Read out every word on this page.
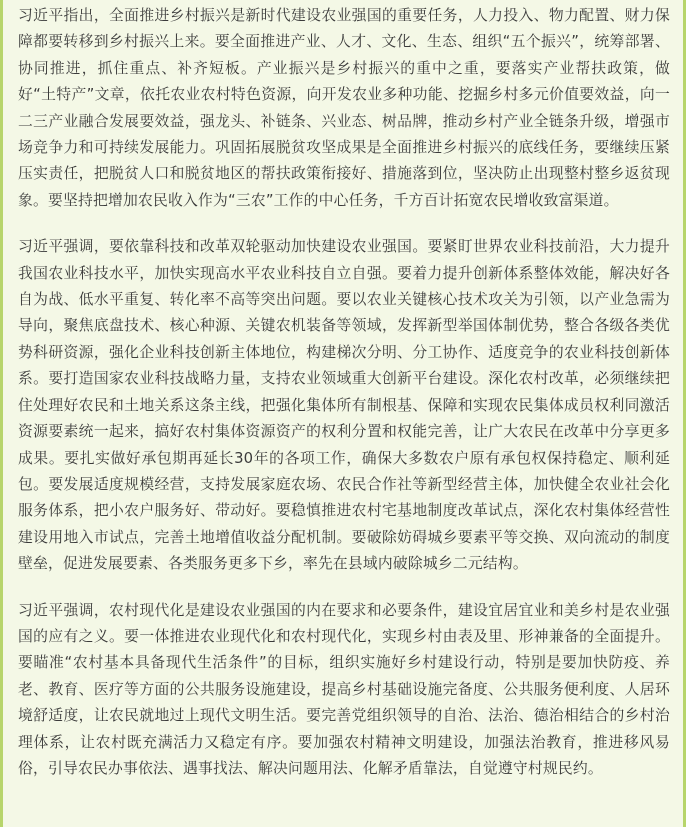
习近平指出，全面推进乡村振兴是新时代建设农业强国的重要任务，人力投入、物力配置、财力保障都要转移到乡村振兴上来。要全面推进产业、人才、文化、生态、组织“五个振兴”，统筹部署、协同推进，抓住重点、补齐短板。产业振兴是乡村振兴的重中之重，要落实产业帮扶政策，做好“土特产”文章，依托农业农村特色资源，向开发农业多种功能、挖掘乡村多元价值要效益，向一二三产业融合发展要效益，强龙头、补链条、兴业态、树品牌，推动乡村产业全链条升级，增强市场竞争力和可持续发展能力。巩固拓展脱贫攻坚成果是全面推进乡村振兴的底线任务，要继续压紧压实责任，把脱贫人口和脱贫地区的帮扶政策衔接好、措施落到位，坚决防止出现整村整乡返贫现象。要坚持把增加农民收入作为“三农”工作的中心任务，千方百计拓宽农民增收致富渠道。

习近平强调，要依靠科技和改革双轮驱动加快建设农业强国。要紧盯世界农业科技前沿，大力提升我国农业科技水平，加快实现高水平农业科技自立自强。要着力提升创新体系整体效能，解决好各自为战、低水平重复、转化率不高等突出问题。要以农业关键核心技术攻关为引领，以产业急需为导向，聚焦底盘技术、核心种源、关键农机装备等领域，发挥新型举国体制优势，整合各级各类优势科研资源，强化企业科技创新主体地位，构建梯次分明、分工协作、适度竞争的农业科技创新体系。要打造国家农业科技战略力量，支持农业领域重大创新平台建设。深化农村改革，必须继续把住处理好农民和土地关系这条主线，把强化集体所有制根基、保障和实现农民集体成员权利同激活资源要素统一起来，搞好农村集体资源资产的权利分置和权能完善，让广大农民在改革中分享更多成果。要扎实做好承包期再延长30年的各项工作，确保大多数农户原有承包权保持稳定、顺利延包。要发展适度规模经营，支持发展家庭农场、农民合作社等新型经营主体，加快健全农业社会化服务体系，把小农户服务好、带动好。要稳慎推进农村宅基地制度改革试点，深化农村集体经营性建设用地入市试点，完善土地增值收益分配机制。要破除妨碍城乡要素平等交换、双向流动的制度壁垒，促进发展要素、各类服务更多下乡，率先在县域内破除城乡二元结构。

习近平强调，农村现代化是建设农业强国的内在要求和必要条件，建设宜居宜业和美乡村是农业强国的应有之义。要一体推进农业现代化和农村现代化，实现乡村由表及里、形神兼备的全面提升。要瞄准“农村基本具备现代生活条件”的目标，组织实施好乡村建设行动，特别是要加快防疫、养老、教育、医疗等方面的公共服务设施建设，提高乡村基础设施完备度、公共服务便利度、人居环境舒适度，让农民就地过上现代文明生活。要完善党组织领导的自治、法治、德治相结合的乡村治理体系，让农村既充满活力又稳定有序。要加强农村精神文明建设，加强法治教育，推进移风易俗，引导农民办事依法、遇事找法、解决问题用法、化解矛盾靠法，自觉遵守村规民约。
